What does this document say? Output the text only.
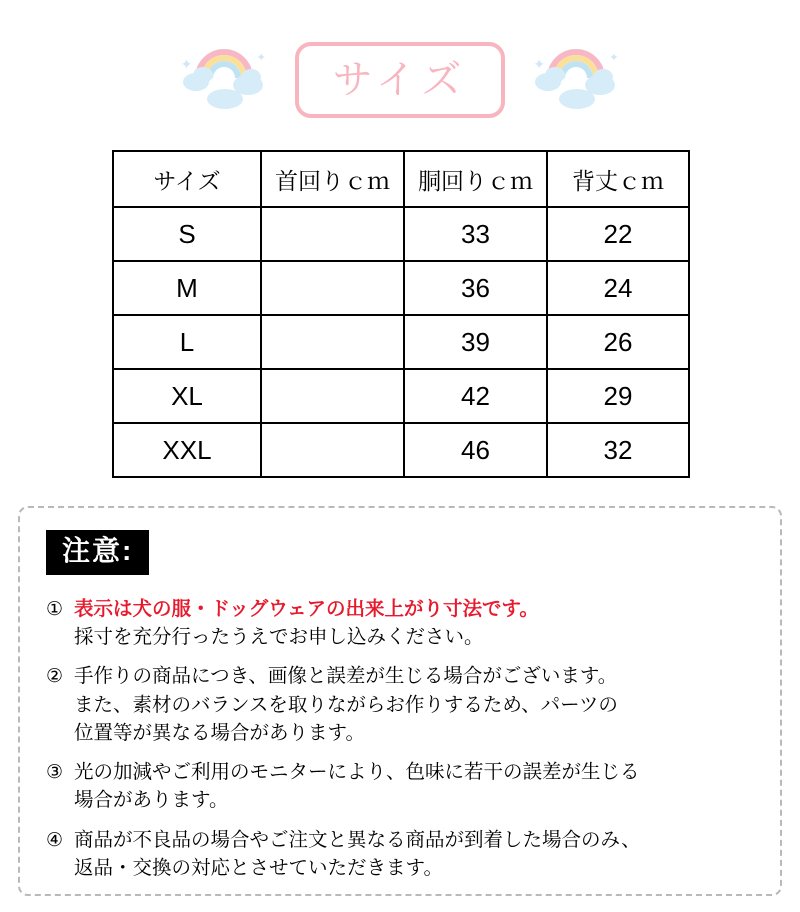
✦	✦	サイズ	✦	✦
サイズ	首回りｃｍ	胴回りｃｍ	背丈ｃｍ
S		33	22
M		36	24
L		39	26
XL		42	29
XXL		46	32
注意:
① 表示は犬の服・ドッグウェアの出来上がり寸法です。
採寸を充分行ったうえでお申し込みください。
② 手作りの商品につき、画像と誤差が生じる場合がございます。
また、素材のバランスを取りながらお作りするため、パーツの
位置等が異なる場合があります。
③ 光の加減やご利用のモニターにより、色味に若干の誤差が生じる
場合があります。
④ 商品が不良品の場合やご注文と異なる商品が到着した場合のみ、
返品・交換の対応とさせていただきます。
